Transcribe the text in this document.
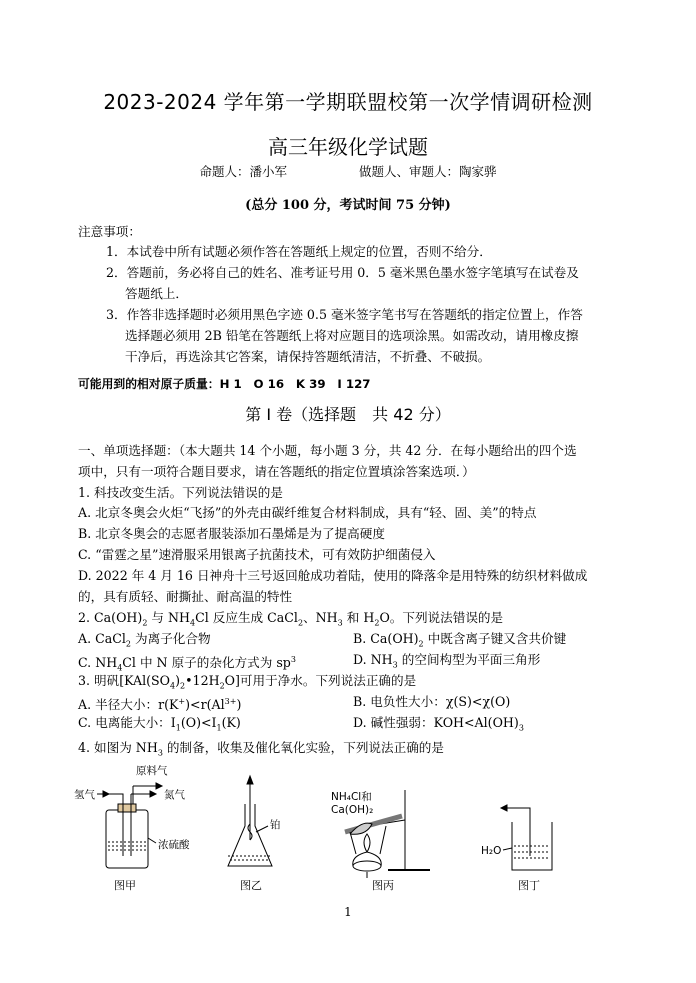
2023-2024 学年第一学期联盟校第一次学情调研检测
高三年级化学试题
命题人：潘小军	做题人、审题人：陶家骅
(总分 100 分，考试时间 75 分钟)
注意事项：
1．本试卷中所有试题必须作答在答题纸上规定的位置，否则不给分．
2．答题前，务必将自己的姓名、准考证号用 0．5 毫米黑色墨水签字笔填写在试卷及
答题纸上．
3．作答非选择题时必须用黑色字迹 0.5 毫米签字笔书写在答题纸的指定位置上，作答
选择题必须用 2B 铅笔在答题纸上将对应题目的选项涂黑。如需改动，请用橡皮擦
干净后，再选涂其它答案，请保持答题纸清洁，不折叠、不破损。
可能用到的相对原子质量：H 1　O 16　K 39　I 127
第 I 卷（选择题　共 42 分）
一、单项选择题：（本大题共 14 个小题，每小题 3 分，共 42 分．在每小题给出的四个选
项中，只有一项符合题目要求，请在答题纸的指定位置填涂答案选项．）
1. 科技改变生活。下列说法错误的是
A. 北京冬奥会火炬“飞扬”的外壳由碳纤维复合材料制成，具有“轻、固、美”的特点
B. 北京冬奥会的志愿者服装添加石墨烯是为了提高硬度
C. “雷霆之星”速滑服采用银离子抗菌技术，可有效防护细菌侵入
D. 2022 年 4 月 16 日神舟十三号返回舱成功着陆，使用的降落伞是用特殊的纺织材料做成
的，具有质轻、耐撕扯、耐高温的特性
2. $Ca(OH)_2$ 与 $NH_4Cl$ 反应生成 CaCl$_2$、$NH_3$ 和 $H_2O$。下列说法错误的是
A. CaCl$_2$ 为离子化合物	B. $Ca(OH)_2$ 中既含离子键又含共价键
C. $NH_4Cl$ 中 N 原子的杂化方式为 $sp^3$	D. $NH_3$ 的空间构型为平面三角形
3. 明矾$[KAl(SO_4)_2•12H_2O]$可用于净水。下列说法正确的是
A. 半径大小：$r(K^+)<r(Al^{3+})$	B. 电负性大小：χ(S)<χ(O)
C. 电离能大小：$I_1(O)<I_1(K)$	D. 碱性强弱：$KOH<Al(OH)_3$
4. 如图为 $NH_3$ 的制备，收集及催化氧化实验，下列说法正确的是
原料气
氢气	氮气
浓硫酸
铂
NH₄Cl和
Ca(OH)₂
H₂O
图甲	图乙	图丙	图丁
1
